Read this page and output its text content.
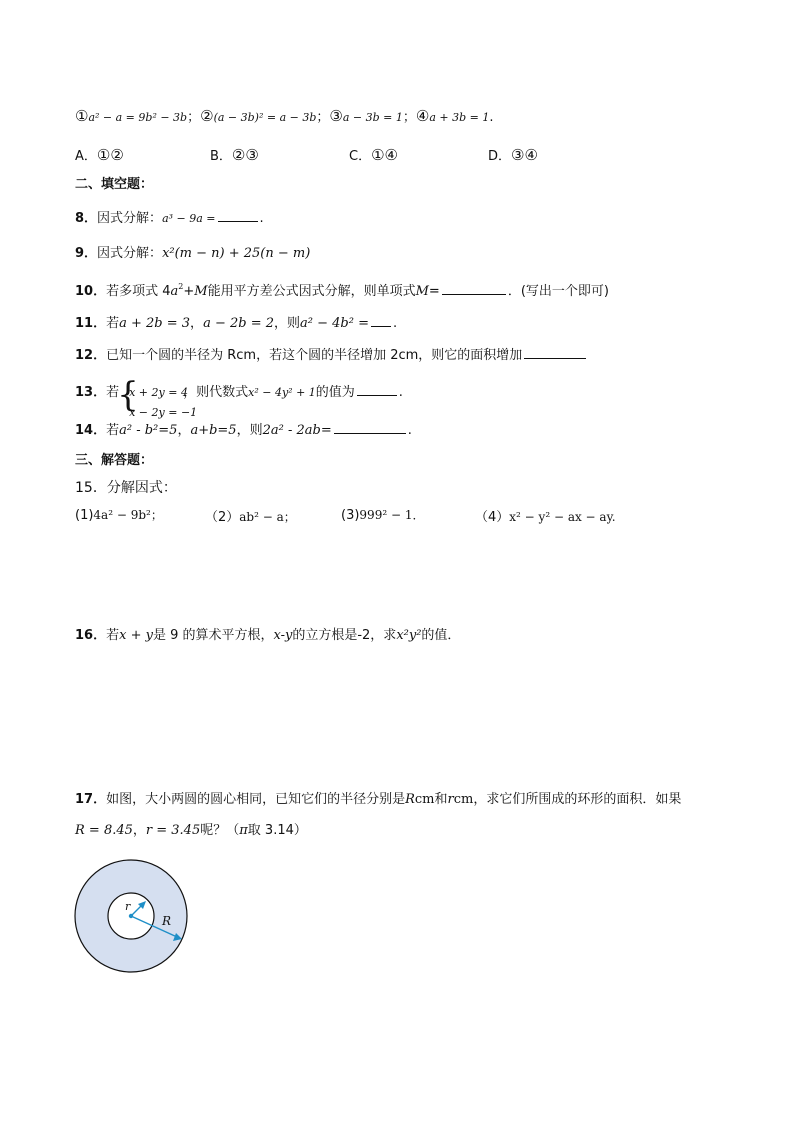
①a² − a = 9b² − 3b；②(a − 3b)² = a − 3b；③a − 3b = 1；④a + 3b = 1.
A．①②	B．②③	C．①④	D．③④
二、填空题：
8．因式分解：a³ − 9a =	.
9．因式分解：x²(m − n) + 25(n − m)
10．若多项式 $4a^2+M$能用平方差公式因式分解，则单项式M=	．(写出一个即可)
11．若a + 2b = 3，a − 2b = 2，则a² − 4b² = .
12．已知一个圆的半径为 Rcm，若这个圆的半径增加 2cm，则它的面积增加
13．若
{
x + 2y = 4
x − 2y = −1
，则代数式x² − 4y² + 1的值为	.
14．若a² - b²=5，a+b=5，则2a² - 2ab=	.
三、解答题：
15．分解因式：
(1)4a² − 9b²；	（2）ab² − a；	(3)999² − 1．	（4）x² − y² − ax − ay.
16．若x + y是 9 的算术平方根，x-y的立方根是-2，求x²y²的值．
17．如图，大小两圆的圆心相同，已知它们的半径分别是Rcm和rcm，求它们所围成的环形的面积．如果
R = 8.45，r = 3.45呢？（π取 3.14）
r
R
